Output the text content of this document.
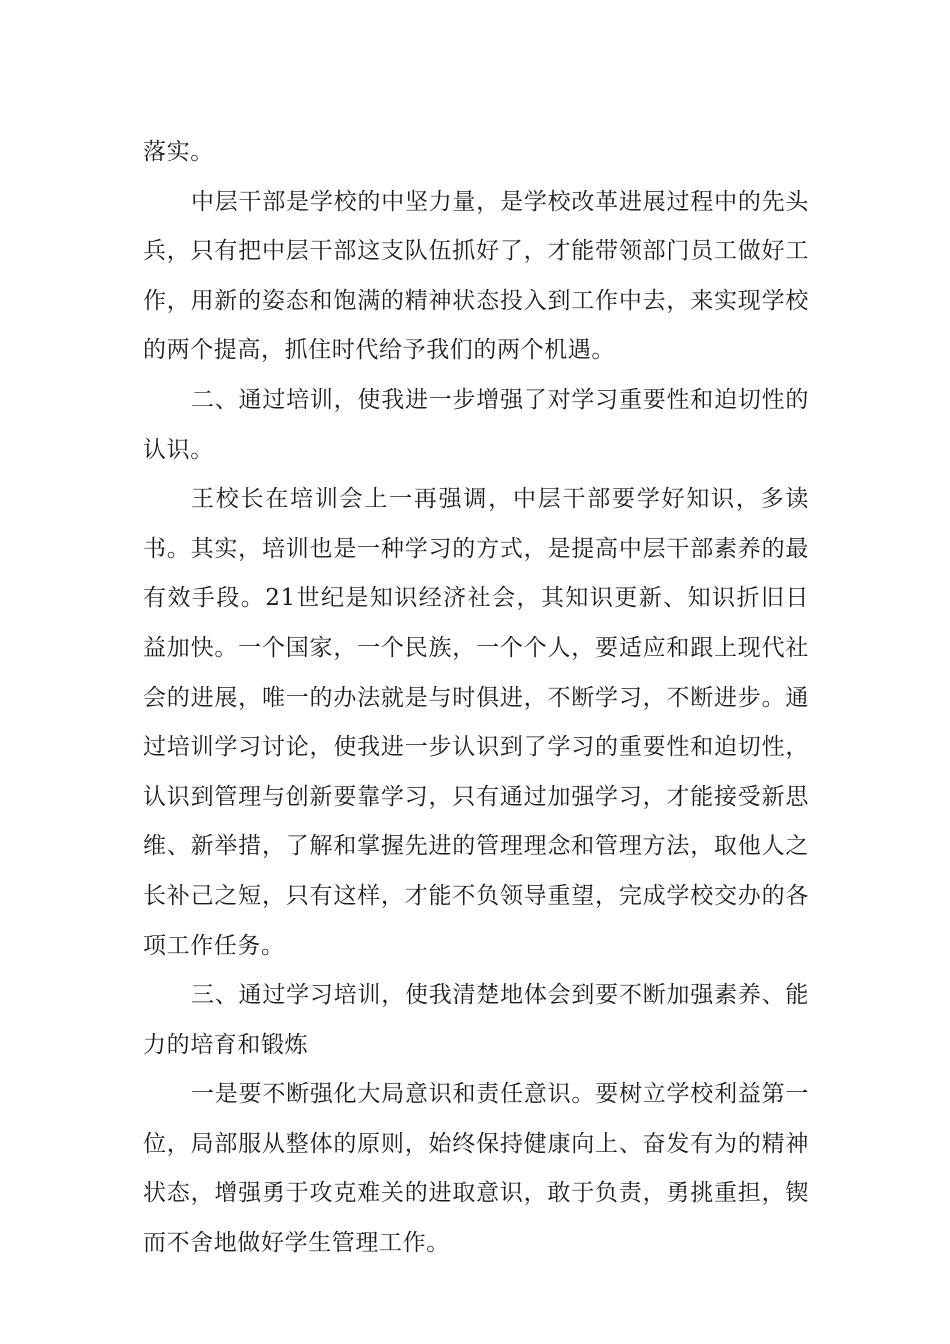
落实。

中层干部是学校的中坚力量，是学校改革进展过程中的先头兵，只有把中层干部这支队伍抓好了，才能带领部门员工做好工作，用新的姿态和饱满的精神状态投入到工作中去，来实现学校的两个提高，抓住时代给予我们的两个机遇。

二、通过培训，使我进一步增强了对学习重要性和迫切性的认识。

王校长在培训会上一再强调，中层干部要学好知识，多读书。其实，培训也是一种学习的方式，是提高中层干部素养的最有效手段。21世纪是知识经济社会，其知识更新、知识折旧日益加快。一个国家，一个民族，一个个人，要适应和跟上现代社会的进展，唯一的办法就是与时俱进，不断学习，不断进步。通过培训学习讨论，使我进一步认识到了学习的重要性和迫切性，认识到管理与创新要靠学习，只有通过加强学习，才能接受新思维、新举措，了解和掌握先进的管理理念和管理方法，取他人之长补己之短，只有这样，才能不负领导重望，完成学校交办的各项工作任务。

三、通过学习培训，使我清楚地体会到要不断加强素养、能力的培育和锻炼

一是要不断强化大局意识和责任意识。要树立学校利益第一位，局部服从整体的原则，始终保持健康向上、奋发有为的精神状态，增强勇于攻克难关的进取意识，敢于负责，勇挑重担，锲而不舍地做好学生管理工作。
